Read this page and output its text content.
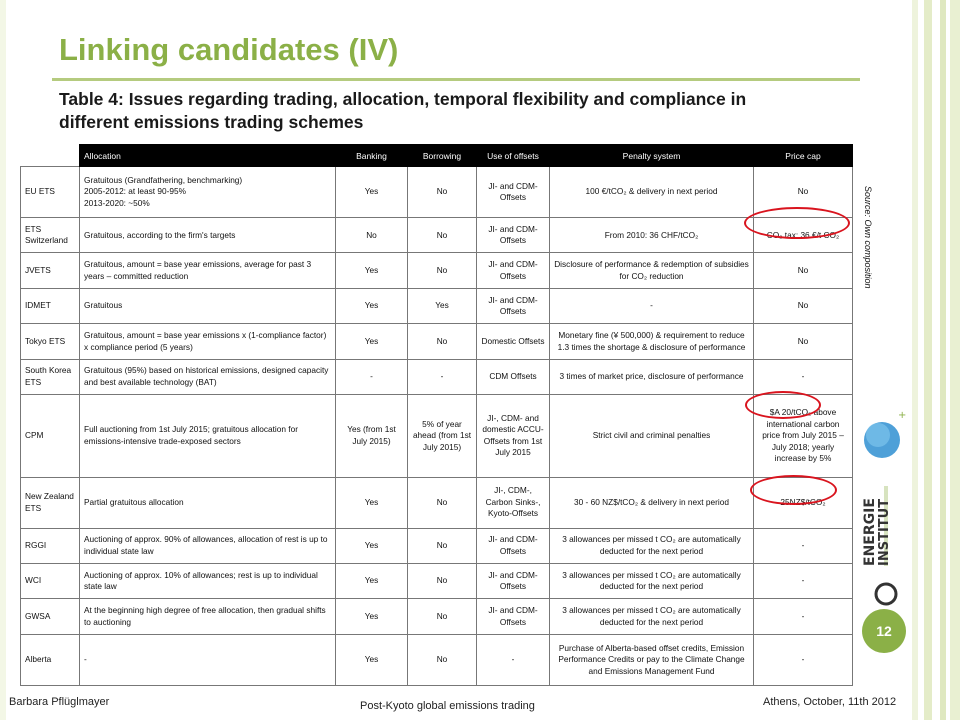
Linking candidates (IV)
Table 4: Issues regarding trading, allocation, temporal flexibility and compliance in different emissions trading schemes
	Allocation	Banking	Borrowing	Use of offsets	Penalty system	Price cap
EU ETS	Gratuitous (Grandfathering, benchmarking)
2005-2012: at least 90-95%
2013-2020: ~50%	Yes	No	JI- and CDM-Offsets	100 €/tCO₂ & delivery in next period	No
ETS Switzerland	Gratuitous, according to the firm's targets	No	No	JI- and CDM-Offsets	From 2010: 36 CHF/tCO₂	CO₂ tax: 36 €/t CO₂
JVETS	Gratuitous, amount = base year emissions, average for past 3 years – committed reduction	Yes	No	JI- and CDM-Offsets	Disclosure of performance & redemption of subsidies for CO₂ reduction	No
IDMET	Gratuitous	Yes	Yes	JI- and CDM-Offsets	-	No
Tokyo ETS	Gratuitous, amount = base year emissions x (1-compliance factor) x compliance period (5 years)	Yes	No	Domestic Offsets	Monetary fine (¥ 500,000) & requirement to reduce 1.3 times the shortage & disclosure of performance	No
South Korea ETS	Gratuitous (95%) based on historical emissions, designed capacity and best available technology (BAT)	-	-	CDM Offsets	3 times of market price, disclosure of performance	-
CPM	Full auctioning from 1st July 2015; gratuitous allocation for emissions-intensive trade-exposed sectors	Yes (from 1st July 2015)	5% of year ahead (from 1st July 2015)	JI-, CDM- and domestic ACCU-Offsets from 1st July 2015	Strict civil and criminal penalties	$A 20/tCO₂ above international carbon price from July 2015 – July 2018; yearly increase by 5%
New Zealand ETS	Partial gratuitous allocation	Yes	No	JI-, CDM-, Carbon Sinks-, Kyoto-Offsets	30 - 60 NZ$/tCO₂ & delivery in next period	25NZ$/tCO₂
RGGI	Auctioning of approx. 90% of allowances, allocation of rest is up to individual state law	Yes	No	JI- and CDM-Offsets	3 allowances per missed t CO₂ are automatically deducted for the next period	-
WCI	Auctioning of approx. 10% of allowances; rest is up to individual state law	Yes	No	JI- and CDM-Offsets	3 allowances per missed t CO₂ are automatically deducted for the next period	-
GWSA	At the beginning high degree of free allocation, then gradual shifts to auctioning	Yes	No	JI- and CDM-Offsets	3 allowances per missed t CO₂ are automatically deducted for the next period	-
Alberta	-	Yes	No	-	Purchase of Alberta-based offset credits, Emission Performance Credits or pay to the Climate Change and Emissions Management Fund	-
Source: Own composition
+
ENERGIE INSTITUT
12
Barbara Pflüglmayer	Post-Kyoto global emissions trading	Athens, October, 11th 2012
